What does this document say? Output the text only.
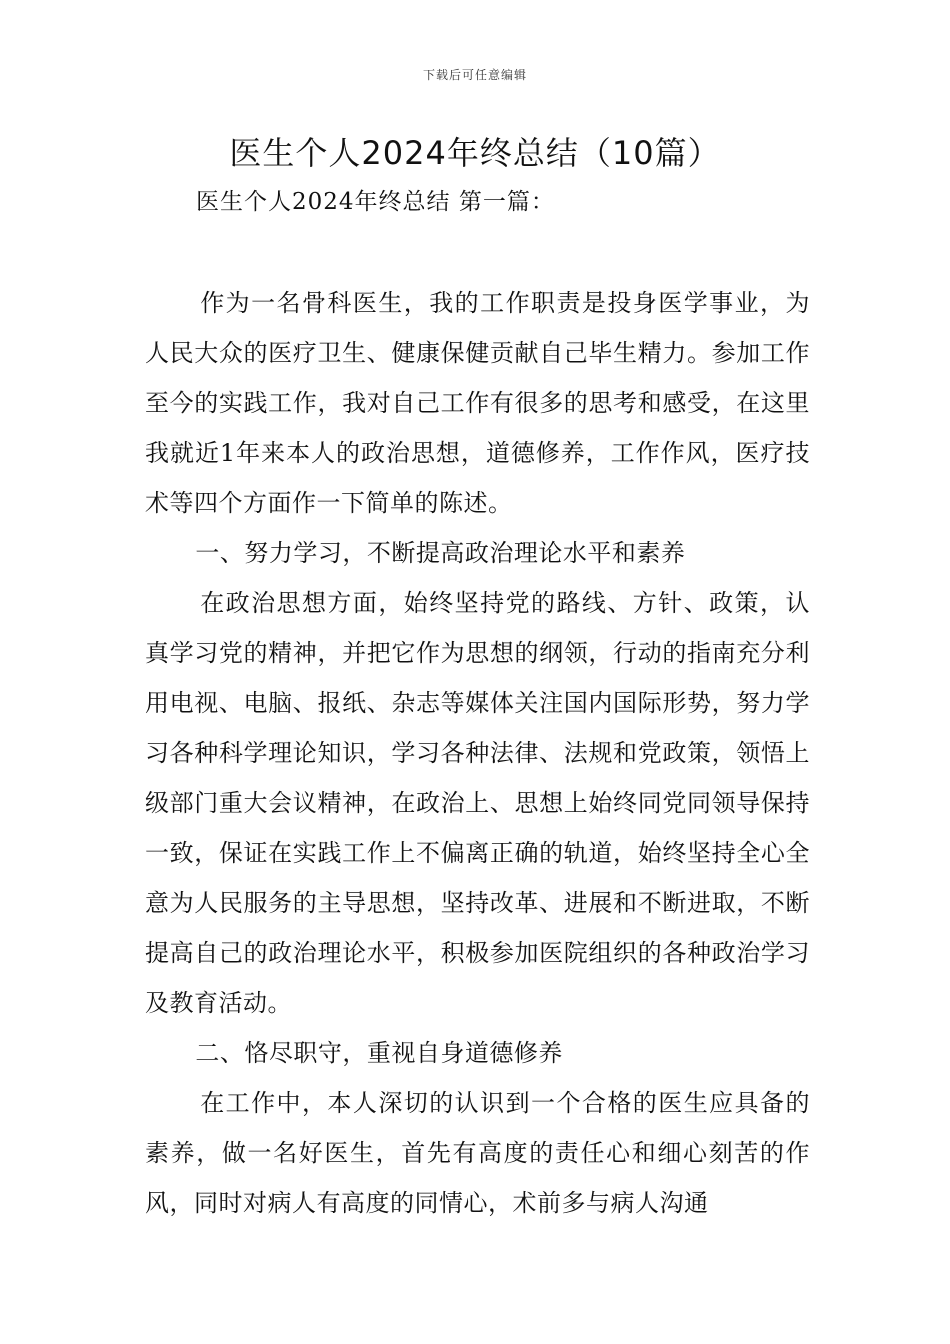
下载后可任意编辑
医生个人2024年终总结（10篇）
医生个人2024年终总结 第一篇：

作为一名骨科医生，我的工作职责是投身医学事业，为人民大众的医疗卫生、健康保健贡献自己毕生精力。参加工作至今的实践工作，我对自己工作有很多的思考和感受，在这里我就近1年来本人的政治思想，道德修养，工作作风，医疗技术等四个方面作一下简单的陈述。

一、努力学习，不断提高政治理论水平和素养

在政治思想方面，始终坚持党的路线、方针、政策，认真学习党的精神，并把它作为思想的纲领，行动的指南充分利用电视、电脑、报纸、杂志等媒体关注国内国际形势，努力学习各种科学理论知识，学习各种法律、法规和党政策，领悟上级部门重大会议精神，在政治上、思想上始终同党同领导保持一致，保证在实践工作上不偏离正确的轨道，始终坚持全心全意为人民服务的主导思想，坚持改革、进展和不断进取，不断提高自己的政治理论水平，积极参加医院组织的各种政治学习及教育活动。

二、恪尽职守，重视自身道德修养

在工作中，本人深切的认识到一个合格的医生应具备的素养，做一名好医生，首先有高度的责任心和细心刻苦的作风，同时对病人有高度的同情心，术前多与病人沟通
